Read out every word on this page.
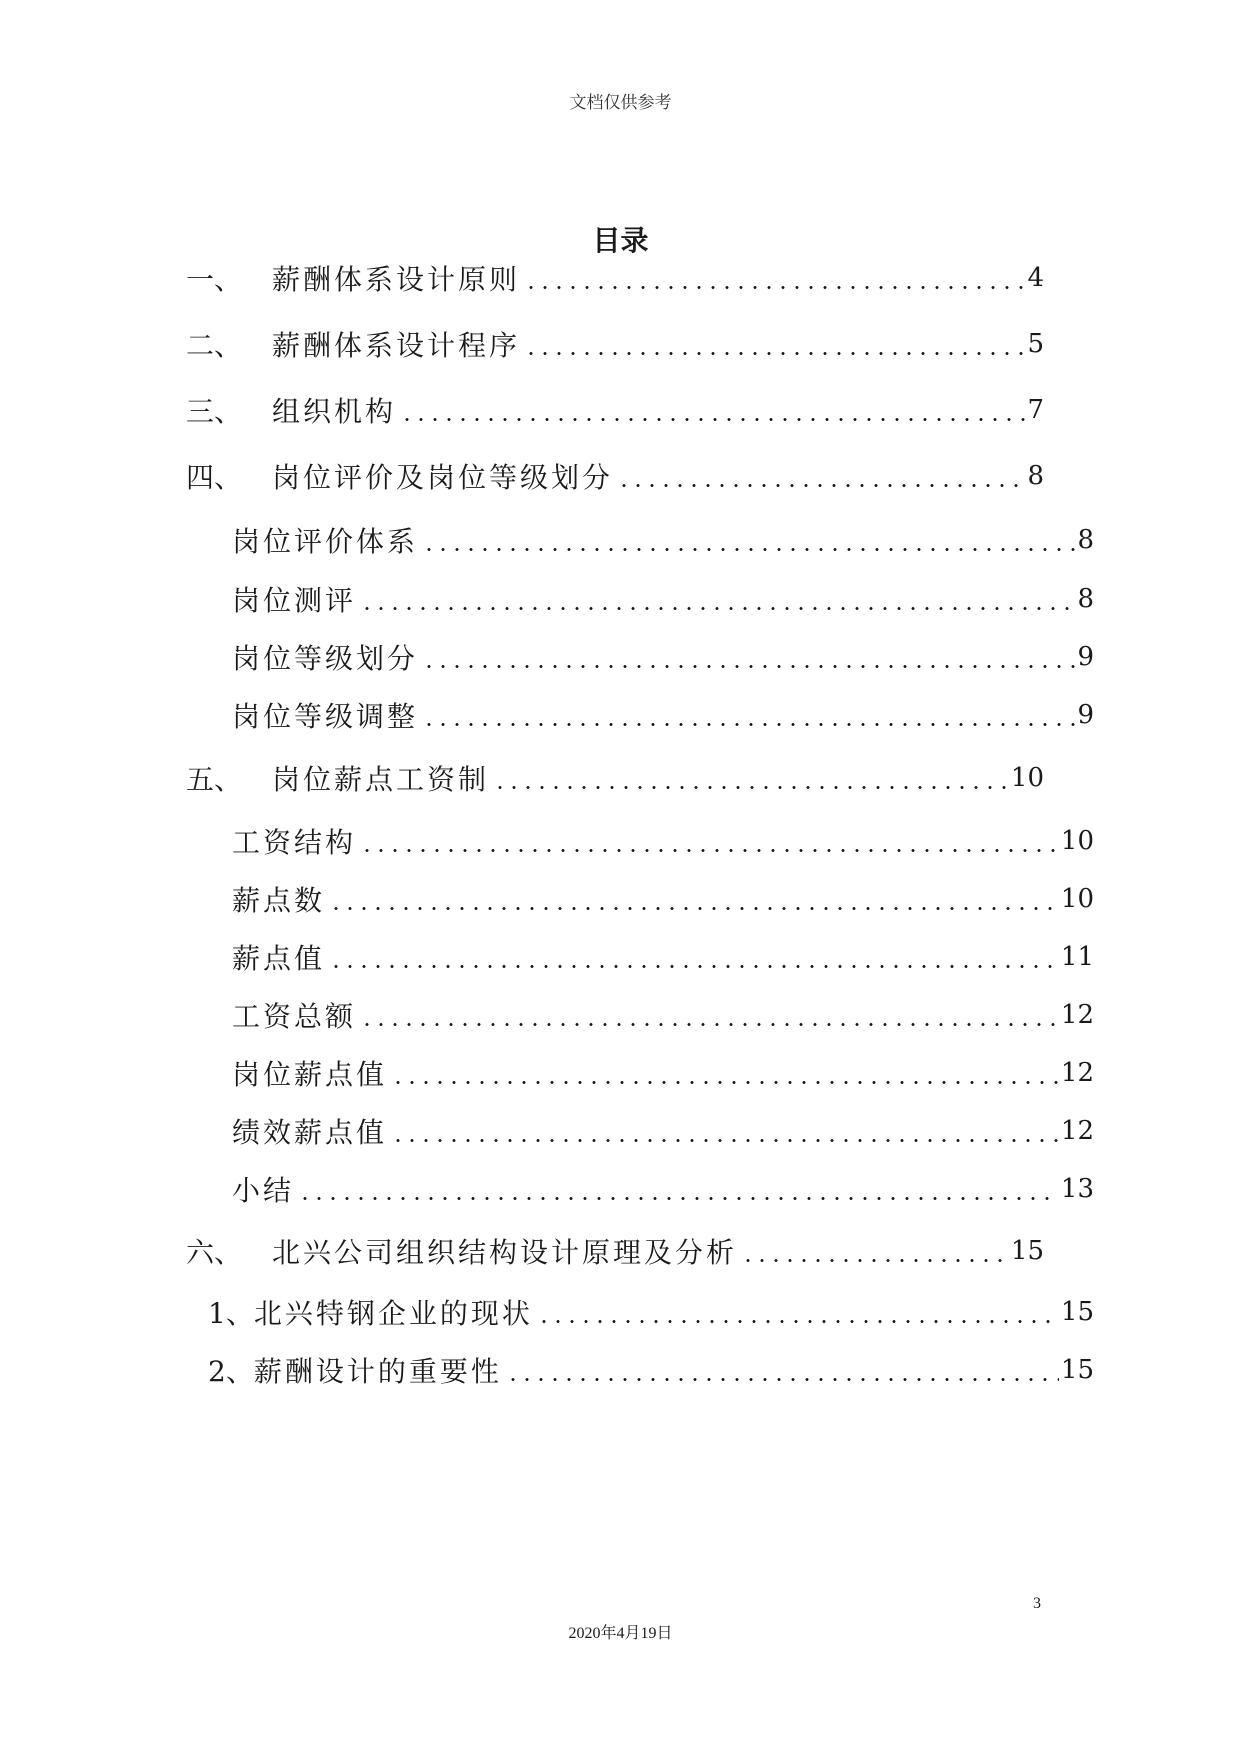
文档仅供参考
目录
一、	薪酬体系设计原则	4
二、	薪酬体系设计程序	5
三、	组织机构	7
四、	岗位评价及岗位等级划分	8
岗位评价体系	8
岗位测评	8
岗位等级划分	9
岗位等级调整	9
五、	岗位薪点工资制	10
工资结构	10
薪点数	10
薪点值	11
工资总额	12
岗位薪点值	12
绩效薪点值	12
小结	13
六、	北兴公司组织结构设计原理及分析	15
1、 北兴特钢企业的现状	15
2、 薪酬设计的重要性	15
3
2020年4月19日
